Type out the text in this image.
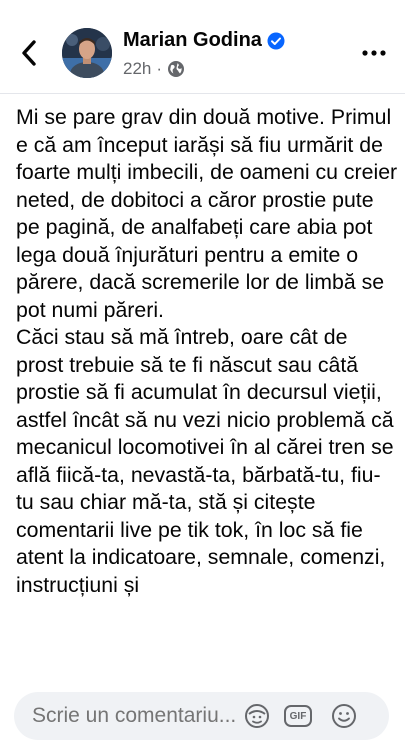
Marian Godina
22h ·

Mi se pare grav din două motive. Primul e că am început iarăși să fiu urmărit de foarte mulți imbecili, de oameni cu creier neted, de dobitoci a căror prostie pute pe pagină, de analfabeți care abia pot lega două înjurături pentru a emite o părere, dacă scremerile lor de limbă se pot numi păreri.

Căci stau să mă întreb, oare cât de prost trebuie să te fi născut sau câtă prostie să fi acumulat în decursul vieții, astfel încât să nu vezi nicio problemă că mecanicul locomotivei în al cărei tren se află fiică-ta, nevastă-ta, bărbată-tu, fiu-tu sau chiar mă-ta, stă și citește comentarii live pe tik tok, în loc să fie atent la indicatoare, semnale, comenzi, instrucțiuni și

Scrie un comentariu...
GIF
